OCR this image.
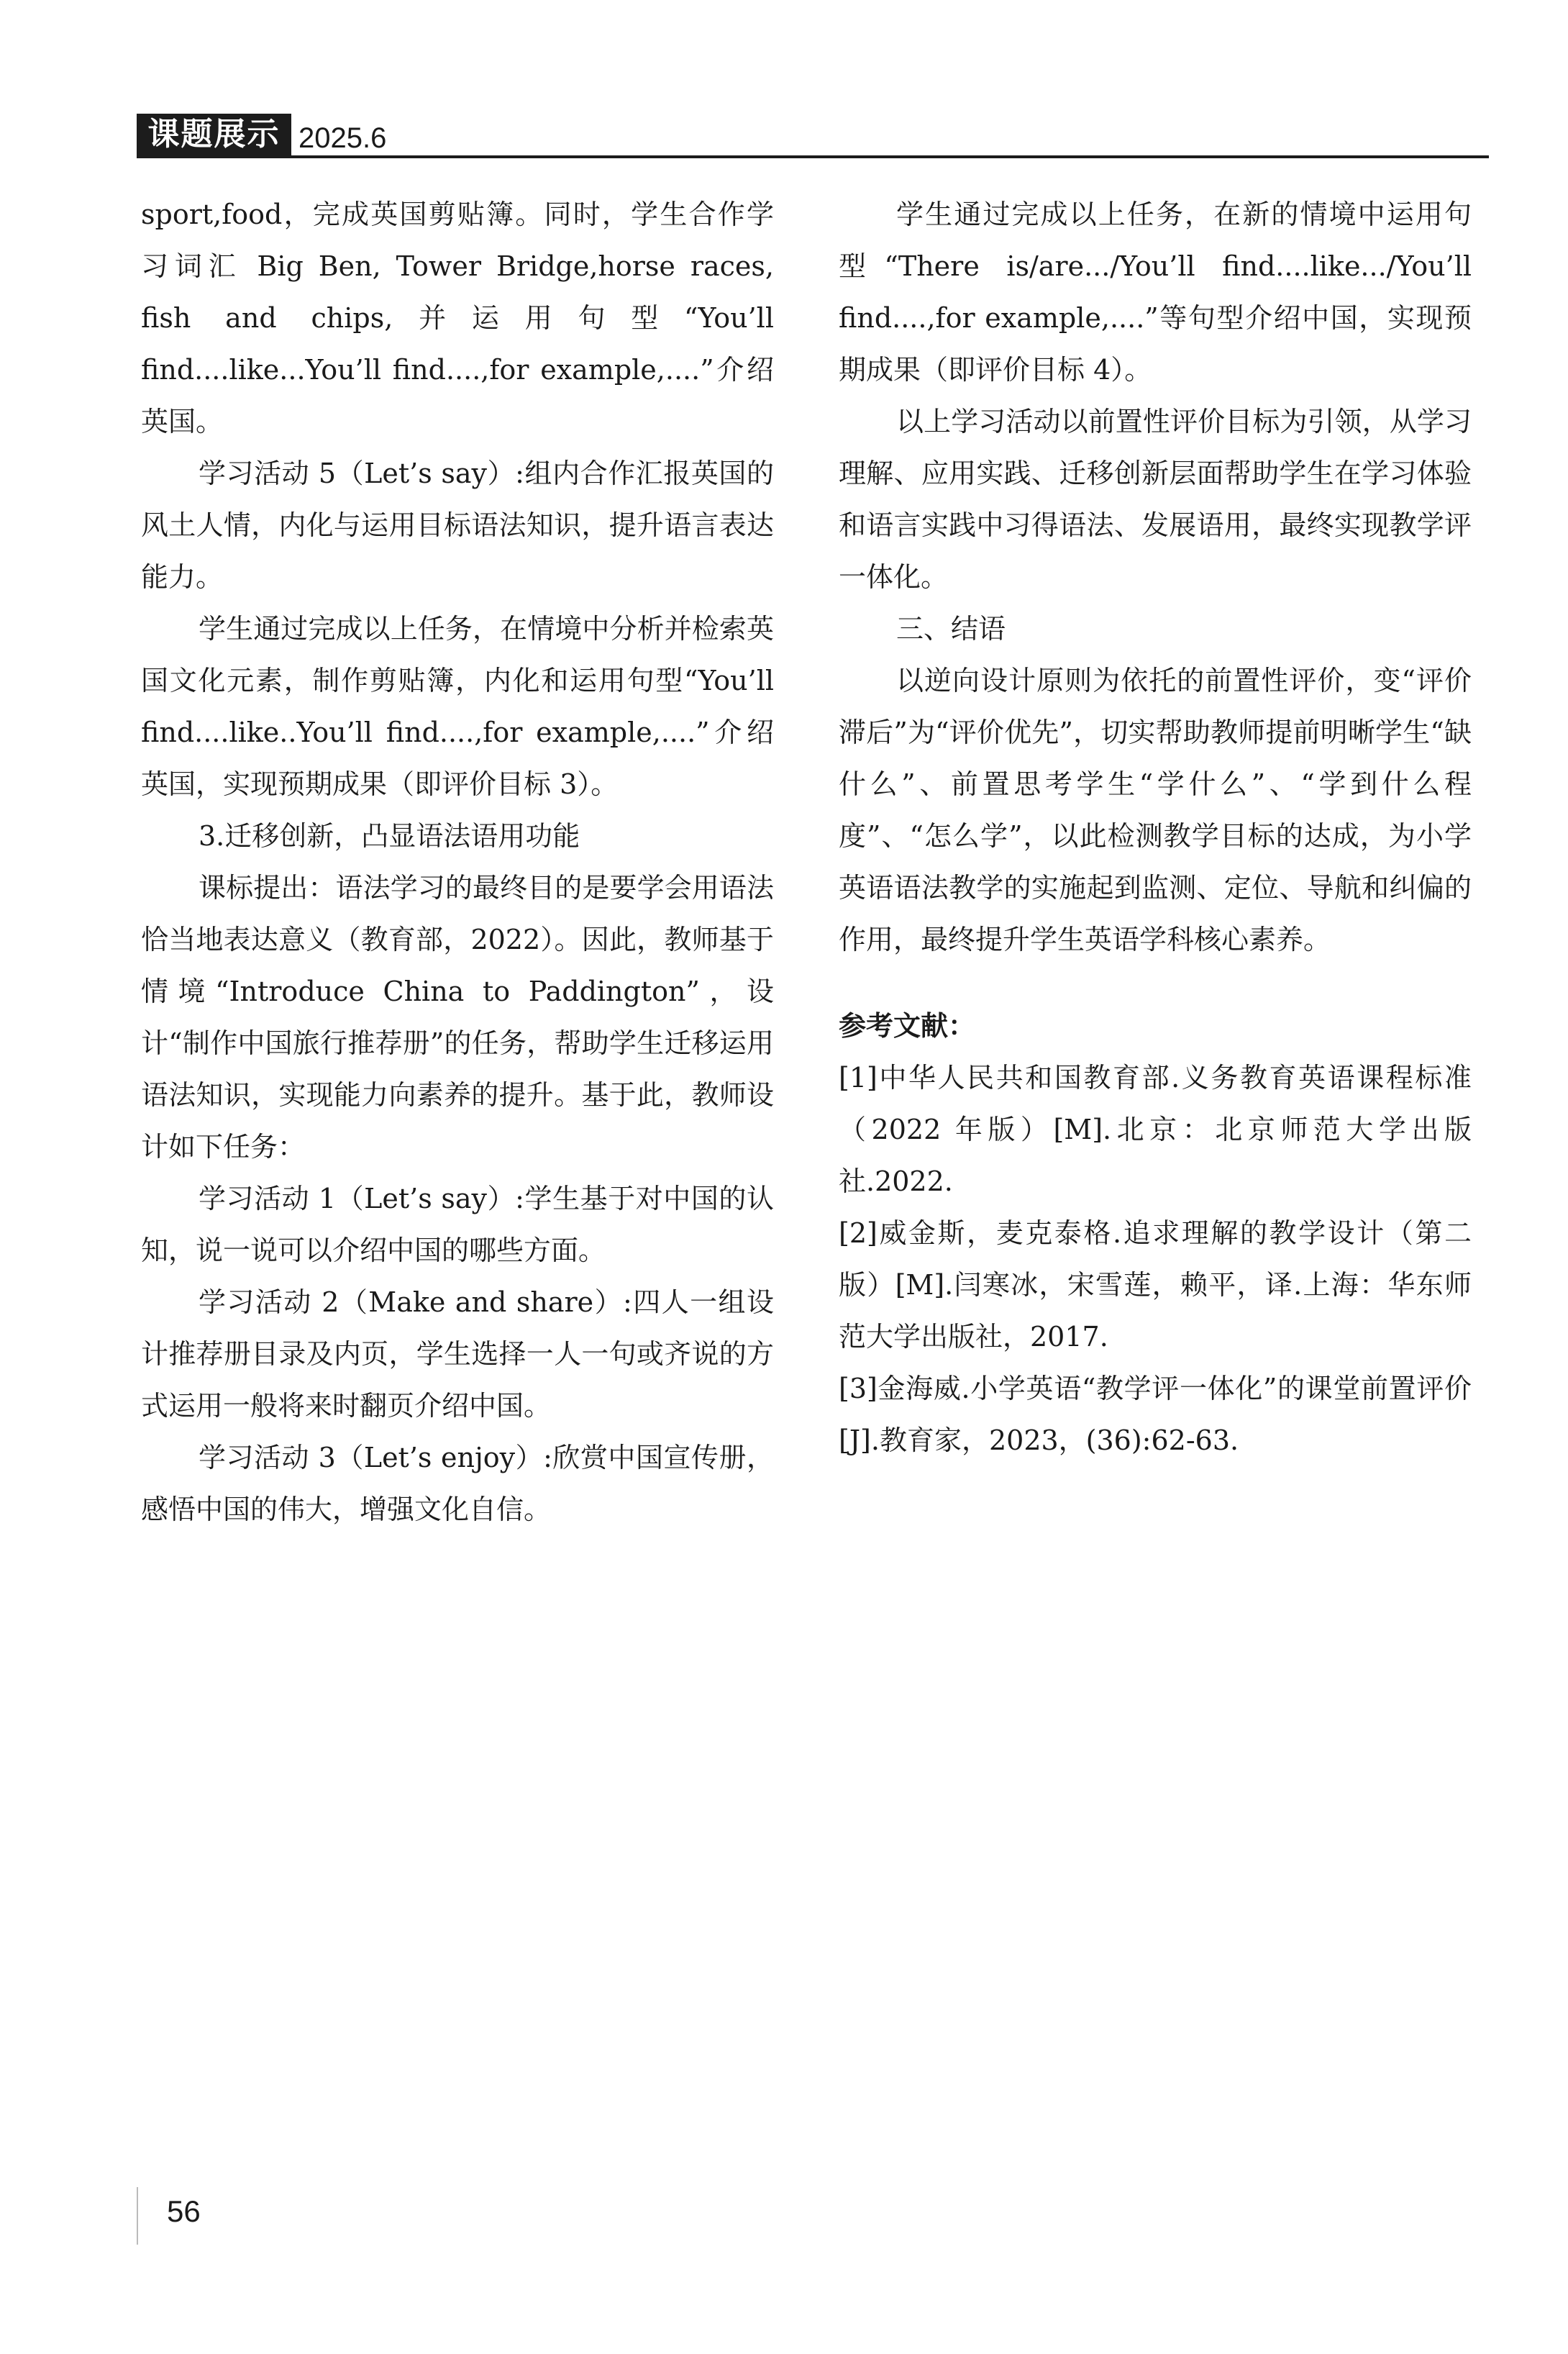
课题展示 2025.6

sport,food，完成英国剪贴簿。同时，学生合作学习词汇 Big Ben, Tower Bridge,horse races, fish and chips,并运用句型“You’ll find....like...You’ll find....,for example,....”介绍英国。

学习活动 5（Let’s say）:组内合作汇报英国的风土人情，内化与运用目标语法知识，提升语言表达能力。

学生通过完成以上任务，在情境中分析并检索英国文化元素，制作剪贴簿，内化和运用句型“You’ll find....like..You’ll find....,for example,....”介绍英国，实现预期成果（即评价目标 3）。

3.迁移创新，凸显语法语用功能

课标提出：语法学习的最终目的是要学会用语法恰当地表达意义（教育部，2022）。因此，教师基于情境“Introduce China to Paddington”，设计“制作中国旅行推荐册”的任务，帮助学生迁移运用语法知识，实现能力向素养的提升。基于此，教师设计如下任务：

学习活动 1（Let’s say）:学生基于对中国的认知，说一说可以介绍中国的哪些方面。

学习活动 2（Make and share）:四人一组设计推荐册目录及内页，学生选择一人一句或齐说的方式运用一般将来时翻页介绍中国。

学习活动 3（Let’s enjoy）:欣赏中国宣传册，感悟中国的伟大，增强文化自信。

学生通过完成以上任务，在新的情境中运用句型“There is/are.../You’ll find....like.../You’ll find....,for example,....”等句型介绍中国，实现预期成果（即评价目标 4）。

以上学习活动以前置性评价目标为引领，从学习理解、应用实践、迁移创新层面帮助学生在学习体验和语言实践中习得语法、发展语用，最终实现教学评一体化。

三、结语

以逆向设计原则为依托的前置性评价，变“评价滞后”为“评价优先”，切实帮助教师提前明晰学生“缺什么”、前置思考学生“学什么”、“学到什么程度”、“怎么学”，以此检测教学目标的达成，为小学英语语法教学的实施起到监测、定位、导航和纠偏的作用，最终提升学生英语学科核心素养。

参考文献：
[1]中华人民共和国教育部.义务教育英语课程标准（2022 年版）[M].北京：北京师范大学出版社.2022.
[2]威金斯，麦克泰格.追求理解的教学设计（第二版）[M].闫寒冰，宋雪莲，赖平，译.上海：华东师范大学出版社，2017.
[3]金海威.小学英语“教学评一体化”的课堂前置评价[J].教育家，2023，(36):62-63.
56
